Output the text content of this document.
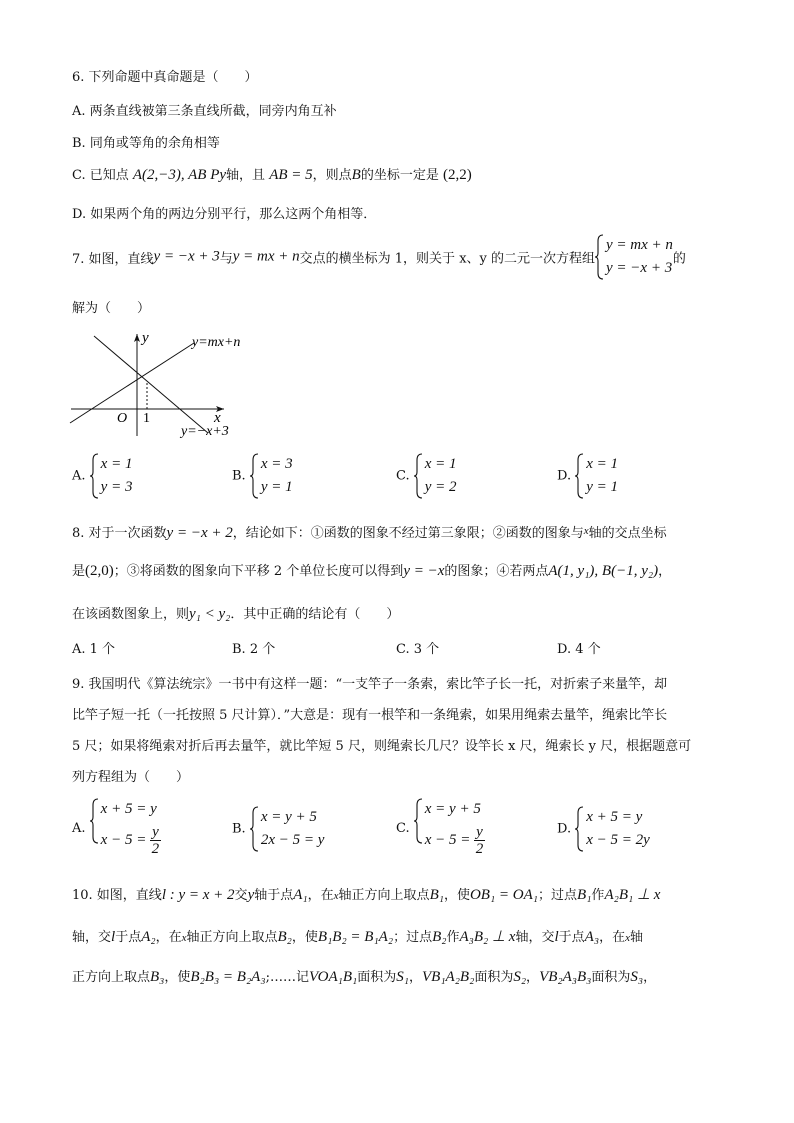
6. 下列命题中真命题是（　　）
A. 两条直线被第三条直线所截，同旁内角互补
B. 同角或等角的余角相等
C. 已知点 A(2,−3), AB Py轴，且 AB = 5，则点B的坐标一定是 (2,2)
D. 如果两个角的两边分别平行，那么这两个角相等．
7. 如图，直线y = −x + 3与y = mx + n交点的横坐标为 1，则关于 x、y 的二元一次方程组
y = mx + n
y = −x + 3
的
解为（　　）
y
x
O 1
y=mx+n
y=−x+3
A.
x = 1
y = 3
B.
x = 3
y = 1
C.
x = 1
y = 2
D.
x = 1
y = 1
8. 对于一次函数y = −x + 2，结论如下：①函数的图象不经过第三象限；②函数的图象与$^x$轴的交点坐标
是(2,0)；③将函数的图象向下平移 2 个单位长度可以得到y = −x的图象；④若两点A(1, y₁), B(−1, y₂)，
在该函数图象上，则y₁ < y₂．其中正确的结论有（　　）
A. 1 个	B. 2 个	C. 3 个	D. 4 个
9. 我国明代《算法统宗》一书中有这样一题：“一支竿子一条索，索比竿子长一托，对折索子来量竿，却
比竿子短一托（一托按照 5 尺计算）．”大意是：现有一根竿和一条绳索，如果用绳索去量竿，绳索比竿长
5 尺；如果将绳索对折后再去量竿，就比竿短 5 尺，则绳索长几尺？设竿长 x 尺，绳索长 y 尺，根据题意可
列方程组为（　　）
A.
x + 5 = y
$x - 5 = \frac{y}{2}$	B.
x = y + 5
2x − 5 = y
C.
x = y + 5
$x - 5 = \frac{y}{2}$	D.
x + 5 = y
x − 5 = 2y
10. 如图，直线l : y = x + 2交y轴于点A₁，在x轴正方向上取点B₁，使OB₁ = OA₁；过点B₁作A₂B₁ ⊥ x
轴，交l于点A₂，在x轴正方向上取点B₂，使B₁B₂ = B₁A₂；过点B₂作A₃B₂ ⊥ x轴，交l于点A₃，在x轴
正方向上取点B₃，使B₂B₃ = B₂A₃;……记VOA₁B₁面积为S₁，VB₁A₂B₂面积为S₂，VB₂A₃B₃面积为S₃，
